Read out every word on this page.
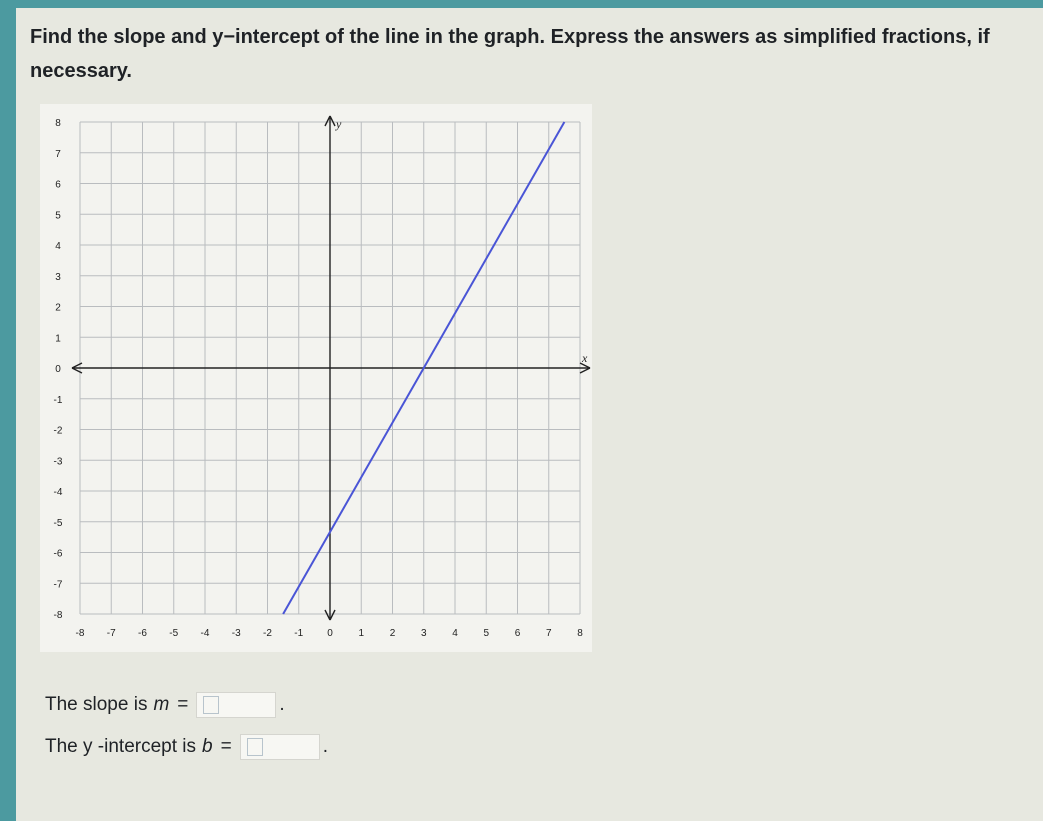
Find the slope and y−intercept of the line in the graph. Express the answers as simplified fractions, if necessary.
x
y
-8 -7 -6 -5 -4 -3 -2 -1 0	1	2	3	4	5	6	7	8
8
7
6
5
4
3
2
1
0
-1
-2
-3
-4
-5
-6
-7
-8
The slope is m =	.
The y -intercept is b =	.
